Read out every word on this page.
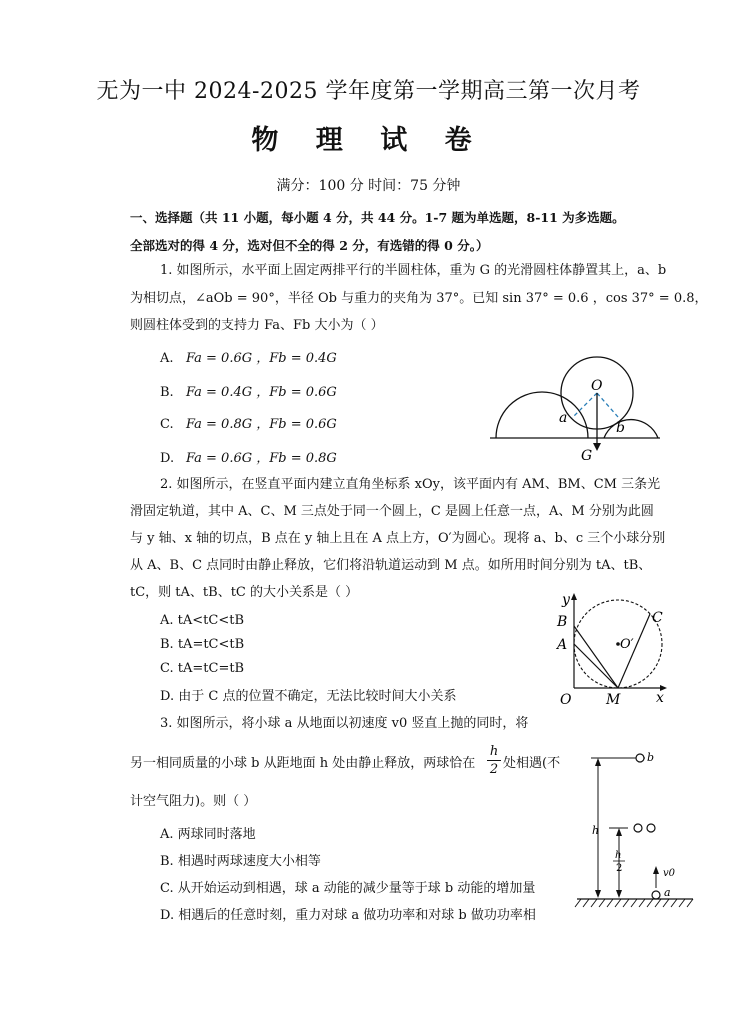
无为一中 2024-2025 学年度第一学期高三第一次月考
物 理 试 卷
满分：100 分 时间：75 分钟
一、选择题（共 11 小题，每小题 4 分，共 44 分。1-7 题为单选题，8-11 为多选题。
全部选对的得 4 分，选对但不全的得 2 分，有选错的得 0 分。）
1. 如图所示，水平面上固定两排平行的半圆柱体，重为 G 的光滑圆柱体静置其上，a、b
为相切点，∠aOb = 90°，半径 Ob 与重力的夹角为 37°。已知 sin 37° = 0.6 ，cos 37° = 0.8，
则圆柱体受到的支持力 Fa、Fb 大小为（ ）
A. Fa = 0.6G ，Fb = 0.4G
B. Fa = 0.4G ，Fb = 0.6G
C. Fa = 0.8G ，Fb = 0.6G
D. Fa = 0.6G ，Fb = 0.8G
O
a
b
G
2. 如图所示，在竖直平面内建立直角坐标系 xOy，该平面内有 AM、BM、CM 三条光
滑固定轨道，其中 A、C、M 三点处于同一个圆上，C 是圆上任意一点，A、M 分别为此圆
与 y 轴、x 轴的切点，B 点在 y 轴上且在 A 点上方，O′为圆心。现将 a、b、c 三个小球分别
从 A、B、C 点同时由静止释放，它们将沿轨道运动到 M 点。如所用时间分别为 tA、tB、
tC，则 tA、tB、tC 的大小关系是（ ）
A. tA<tC<tB
B. tA=tC<tB
C. tA=tC=tB
D. 由于 C 点的位置不确定，无法比较时间大小关系
y
x
O M
A
B	C
O′
3. 如图所示，将小球 a 从地面以初速度 v0 竖直上抛的同时，将
另一相同质量的小球 b 从距地面 h 处由静止释放，两球恰在
h
2 处相遇(不
计空气阻力)。则（ ）
A. 两球同时落地
B. 相遇时两球速度大小相等
C. 从开始运动到相遇，球 a 动能的减少量等于球 b 动能的增加量
D. 相遇后的任意时刻，重力对球 a 做功功率和对球 b 做功功率相
b
h
h
2	v0
a
